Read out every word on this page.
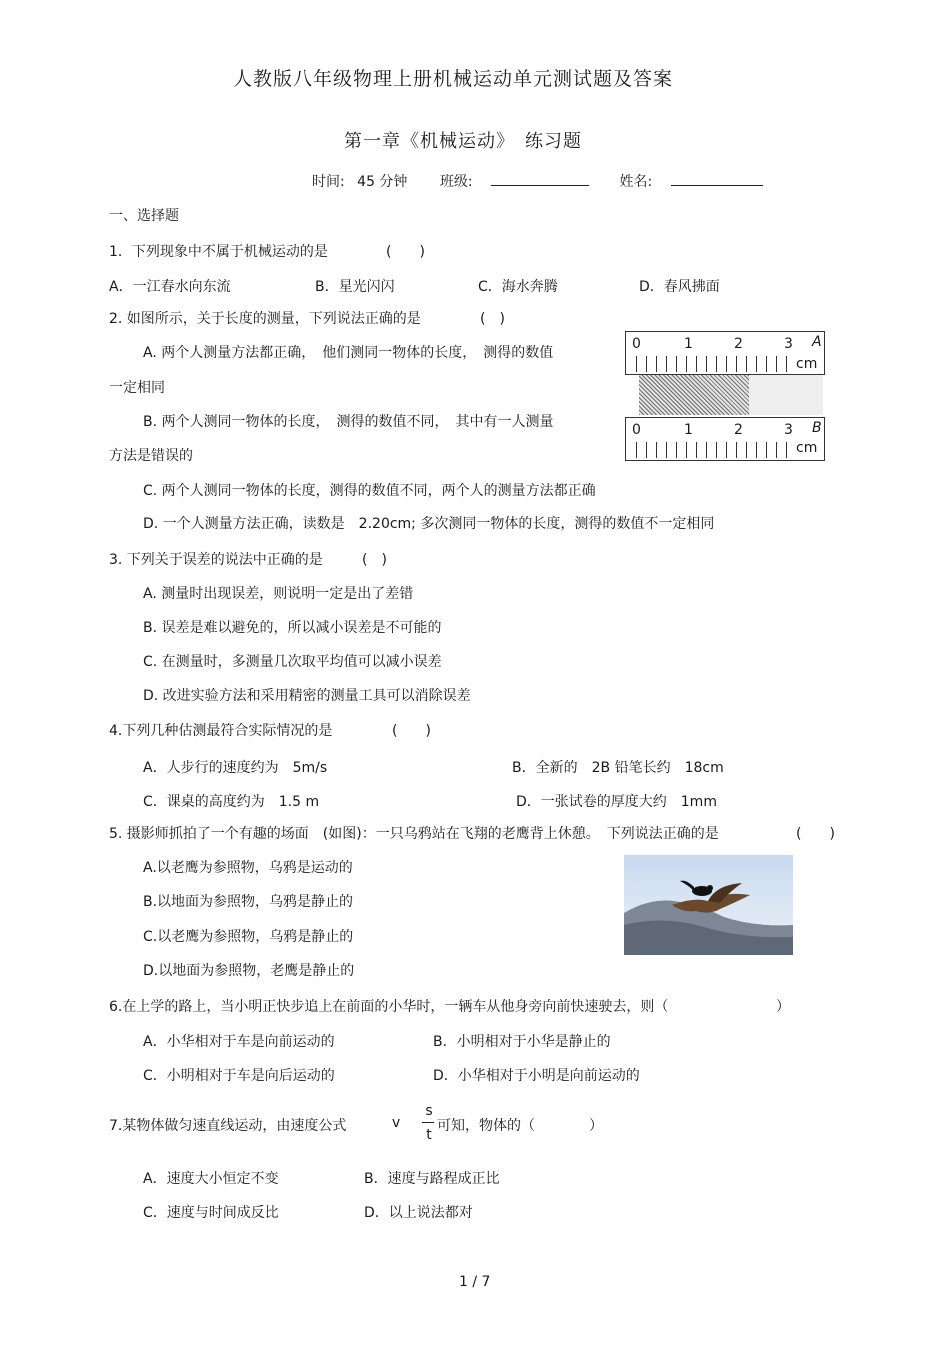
人教版八年级物理上册机械运动单元测试题及答案
第一章《机械运动》　练习题
时间: 45 分钟 班级:	姓名:
一、选择题
1．下列现象中不属于机械运动的是	(　　)
A．一江春水向东流	B．星光闪闪	C．海水奔腾	D．春风拂面
2. 如图所示，关于长度的测量，下列说法正确的是	(　)
A. 两个人测量方法都正确，　他们测同一物体的长度，　测得的数值
一定相同
B. 两个人测同一物体的长度，　测得的数值不同，　其中有一人测量
方法是错误的
C. 两个人测同一物体的长度，测得的数值不同，两个人的测量方法都正确
D. 一个人测量方法正确，读数是　2.20cm; 多次测同一物体的长度，测得的数值不一定相同
0	1	2	3 A
cm
0	1	2	3 B
cm
3. 下列关于误差的说法中正确的是	(　)
A. 测量时出现误差，则说明一定是出了差错
B. 误差是难以避免的，所以减小误差是不可能的
C. 在测量时，多测量几次取平均值可以减小误差
D. 改进实验方法和采用精密的测量工具可以消除误差
4.下列几种估测最符合实际情况的是	(　　)
A．人步行的速度约为　5m/s	B．全新的　2B 铅笔长约　18cm
C．课桌的高度约为　1.5 m	D．一张试卷的厚度大约　1mm
5. 摄影师抓拍了一个有趣的场面　(如图)：一只乌鸦站在飞翔的老鹰背上休憩。　下列说法正确的是	(　　)
A.以老鹰为参照物，乌鸦是运动的
B.以地面为参照物，乌鸦是静止的
C.以老鹰为参照物，乌鸦是静止的
D.以地面为参照物，老鹰是静止的
6.在上学的路上，当小明正快步追上在前面的小华时，一辆车从他身旁向前快速驶去，则（	）
A．小华相对于车是向前运动的	B．小明相对于小华是静止的
C．小明相对于车是向后运动的	D．小华相对于小明是向前运动的
7.某物体做匀速直线运动，由速度公式	v
s
t
可知，物体的（	）
A．速度大小恒定不变	B．速度与路程成正比
C．速度与时间成反比	D．以上说法都对
1 / 7
